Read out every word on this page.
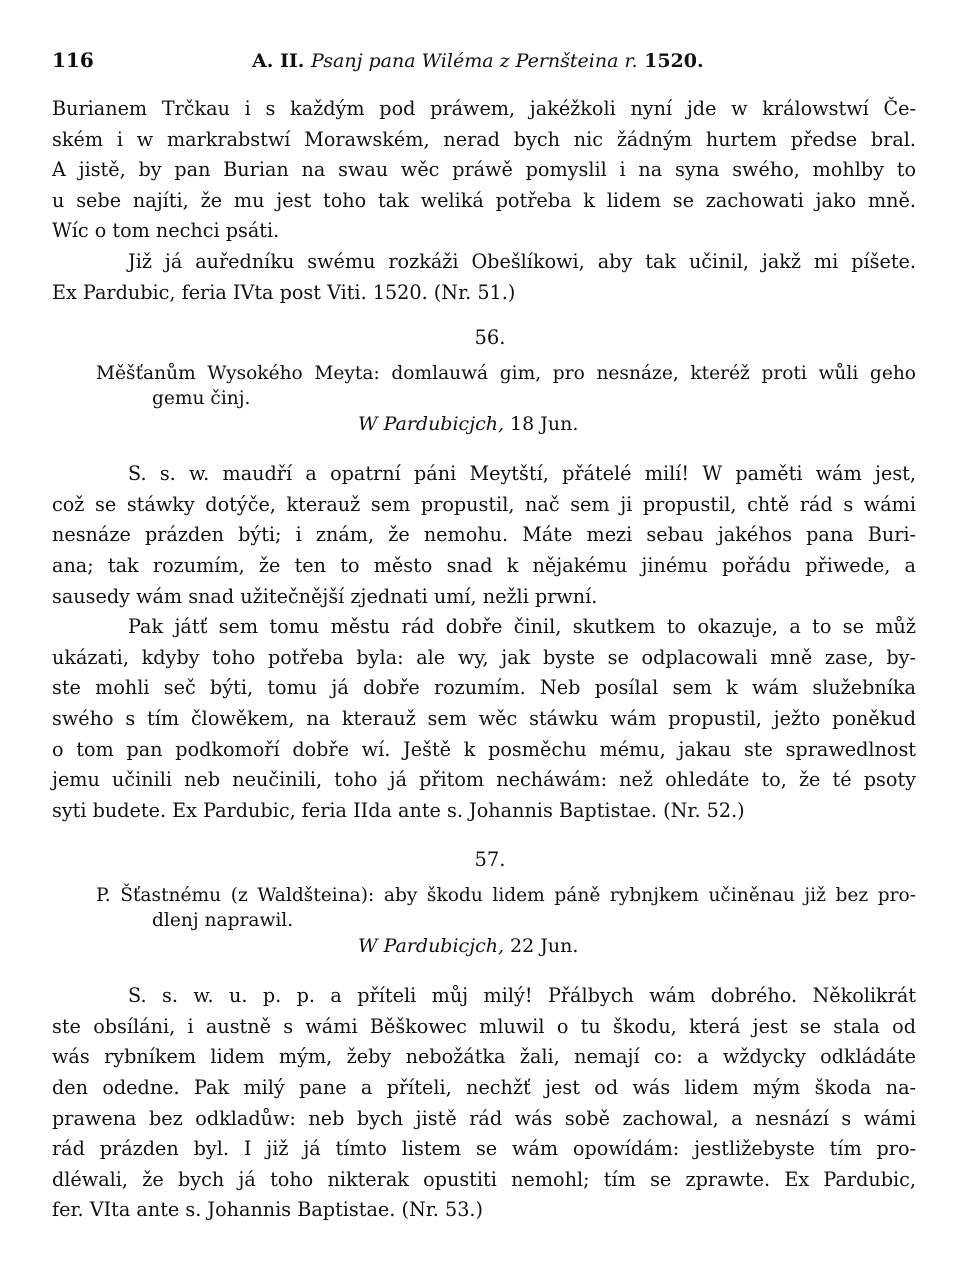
116	A. II. Psanj pana Wiléma z Pernšteina r. 1520.

Burianem Trčkau i s každým pod práwem, jakéžkoli nyní jde w králowstwí Če-

ském i w markrabstwí Morawském, nerad bych nic žádným hurtem předse bral.

A jistě, by pan Burian na swau wěc práwě pomyslil i na syna swého, mohlby to

u sebe najíti, že mu jest toho tak weliká potřeba k lidem se zachowati jako mně.

Wíc o tom nechci psáti.

Již já auředníku swému rozkáži Obešlíkowi, aby tak učinil, jakž mi píšete.

Ex Pardubic, feria IVta post Viti. 1520. (Nr. 51.)

56.

Měšťanům Wysokého Meyta: domlauwá gim, pro nesnáze, kteréž proti wůli geho gemu činj.

W Pardubicjch, 18 Jun.

S. s. w. maudří a opatrní páni Meytští, přátelé milí! W paměti wám jest,

což se stáwky dotýče, kterauž sem propustil, nač sem ji propustil, chtě rád s wámi

nesnáze prázden býti; i znám, že nemohu. Máte mezi sebau jakéhos pana Buri-

ana; tak rozumím, že ten to město snad k nějakému jinému pořádu přiwede, a

sausedy wám snad užitečnější zjednati umí, nežli prwní.

Pak játť sem tomu městu rád dobře činil, skutkem to okazuje, a to se můž

ukázati, kdyby toho potřeba byla: ale wy, jak byste se odplacowali mně zase, by-

ste mohli seč býti, tomu já dobře rozumím. Neb posílal sem k wám služebníka

swého s tím člowěkem, na kterauž sem wěc stáwku wám propustil, ježto poněkud

o tom pan podkomoří dobře wí. Ještě k posměchu mému, jakau ste sprawedlnost

jemu učinili neb neučinili, toho já přitom necháwám: než ohledáte to, že té psoty

syti budete. Ex Pardubic, feria IIda ante s. Johannis Baptistae. (Nr. 52.)

57.

P. Šťastnému (z Waldšteina): aby škodu lidem páně rybnjkem učiněnau již bez pro-dlenj naprawil.

W Pardubicjch, 22 Jun.

S. s. w. u. p. p. a příteli můj milý! Přálbych wám dobrého. Několikrát

ste obsíláni, i austně s wámi Běškowec mluwil o tu škodu, která jest se stala od

wás rybníkem lidem mým, žeby nebožátka žali, nemají co: a wždycky odkládáte

den odedne. Pak milý pane a příteli, nechžť jest od wás lidem mým škoda na-

prawena bez odkladůw: neb bych jistě rád wás sobě zachowal, a nesnází s wámi

rád prázden byl. I již já tímto listem se wám opowídám: jestližebyste tím pro-

dléwali, že bych já toho nikterak opustiti nemohl; tím se zprawte. Ex Pardubic,

fer. VIta ante s. Johannis Baptistae. (Nr. 53.)
